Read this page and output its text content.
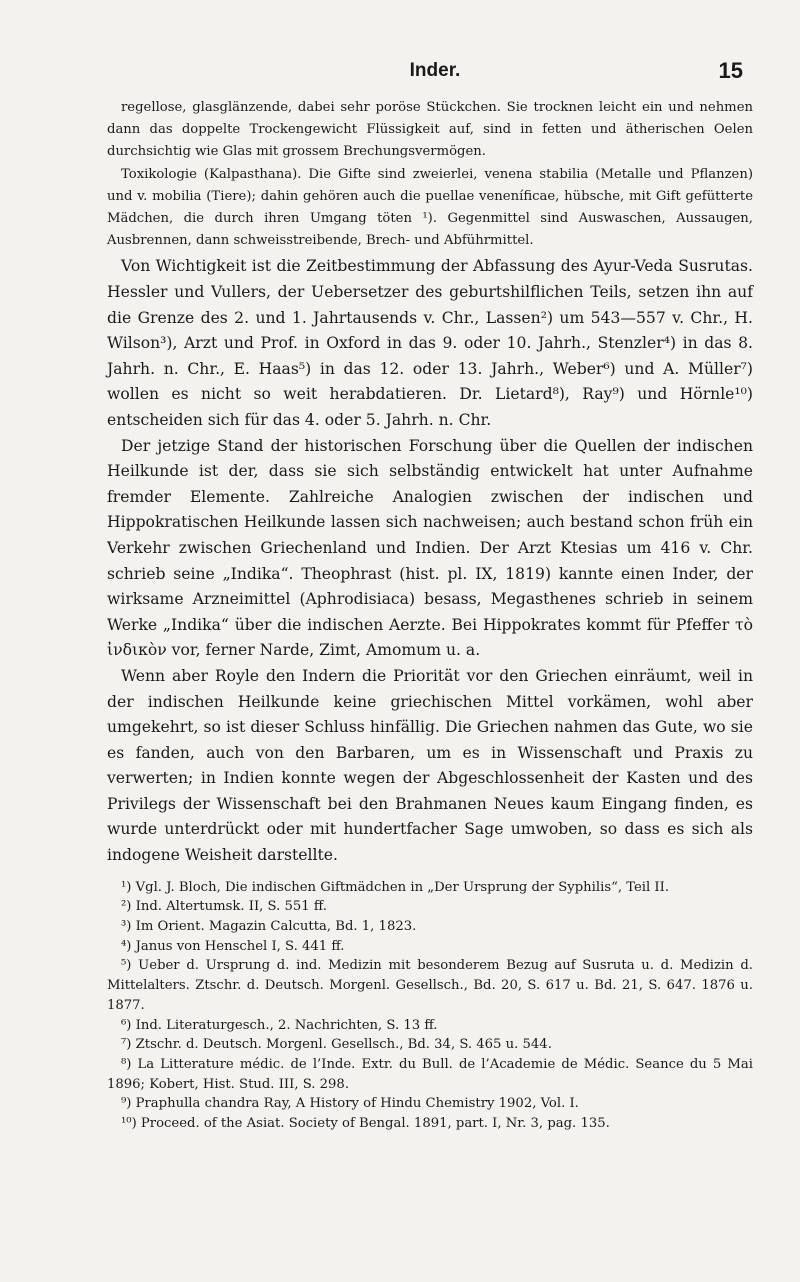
Inder.	15

regellose, glasglänzende, dabei sehr poröse Stückchen. Sie trocknen leicht ein und nehmen dann das doppelte Trockengewicht Flüssigkeit auf, sind in fetten und ätherischen Oelen durchsichtig wie Glas mit grossem Brechungsvermögen.

Toxikologie (Kalpasthana). Die Gifte sind zweierlei, venena stabilia (Metalle und Pflanzen) und v. mobilia (Tiere); dahin gehören auch die puellae veneníficae, hübsche, mit Gift gefütterte Mädchen, die durch ihren Umgang töten ¹). Gegenmittel sind Auswaschen, Aussaugen, Ausbrennen, dann schweisstreibende, Brech- und Abführmittel.

Von Wichtigkeit ist die Zeitbestimmung der Abfassung des Ayur-Veda Susrutas. Hessler und Vullers, der Uebersetzer des geburtshilflichen Teils, setzen ihn auf die Grenze des 2. und 1. Jahrtausends v. Chr., Lassen²) um 543—557 v. Chr., H. Wilson³), Arzt und Prof. in Oxford in das 9. oder 10. Jahrh., Stenzler⁴) in das 8. Jahrh. n. Chr., E. Haas⁵) in das 12. oder 13. Jahrh., Weber⁶) und A. Müller⁷) wollen es nicht so weit herabdatieren. Dr. Lietard⁸), Ray⁹) und Hörnle¹⁰) entscheiden sich für das 4. oder 5. Jahrh. n. Chr.

Der jetzige Stand der historischen Forschung über die Quellen der indischen Heilkunde ist der, dass sie sich selbständig entwickelt hat unter Aufnahme fremder Elemente. Zahlreiche Analogien zwischen der indischen und Hippokratischen Heilkunde lassen sich nachweisen; auch bestand schon früh ein Verkehr zwischen Griechenland und Indien. Der Arzt Ktesias um 416 v. Chr. schrieb seine „Indika“. Theophrast (hist. pl. IX, 1819) kannte einen Inder, der wirksame Arzneimittel (Aphrodisiaca) besass, Megasthenes schrieb in seinem Werke „Indika“ über die indischen Aerzte. Bei Hippokrates kommt für Pfeffer τὸ ἰνδικὸν vor, ferner Narde, Zimt, Amomum u. a.

Wenn aber Royle den Indern die Priorität vor den Griechen einräumt, weil in der indischen Heilkunde keine griechischen Mittel vorkämen, wohl aber umgekehrt, so ist dieser Schluss hinfällig. Die Griechen nahmen das Gute, wo sie es fanden, auch von den Barbaren, um es in Wissenschaft und Praxis zu verwerten; in Indien konnte wegen der Abgeschlossenheit der Kasten und des Privilegs der Wissenschaft bei den Brahmanen Neues kaum Eingang finden, es wurde unterdrückt oder mit hundertfacher Sage umwoben, so dass es sich als indogene Weisheit darstellte.

¹) Vgl. J. Bloch, Die indischen Giftmädchen in „Der Ursprung der Syphilis“, Teil II.

²) Ind. Altertumsk. II, S. 551 ff.

³) Im Orient. Magazin Calcutta, Bd. 1, 1823.

⁴) Janus von Henschel I, S. 441 ff.

⁵) Ueber d. Ursprung d. ind. Medizin mit besonderem Bezug auf Susruta u. d. Medizin d. Mittelalters. Ztschr. d. Deutsch. Morgenl. Gesellsch., Bd. 20, S. 617 u. Bd. 21, S. 647. 1876 u. 1877.

⁶) Ind. Literaturgesch., 2. Nachrichten, S. 13 ff.

⁷) Ztschr. d. Deutsch. Morgenl. Gesellsch., Bd. 34, S. 465 u. 544.

⁸) La Litterature médic. de l’Inde. Extr. du Bull. de l’Academie de Médic. Seance du 5 Mai 1896; Kobert, Hist. Stud. III, S. 298.

⁹) Praphulla chandra Ray, A History of Hindu Chemistry 1902, Vol. I.

¹⁰) Proceed. of the Asiat. Society of Bengal. 1891, part. I, Nr. 3, pag. 135.
